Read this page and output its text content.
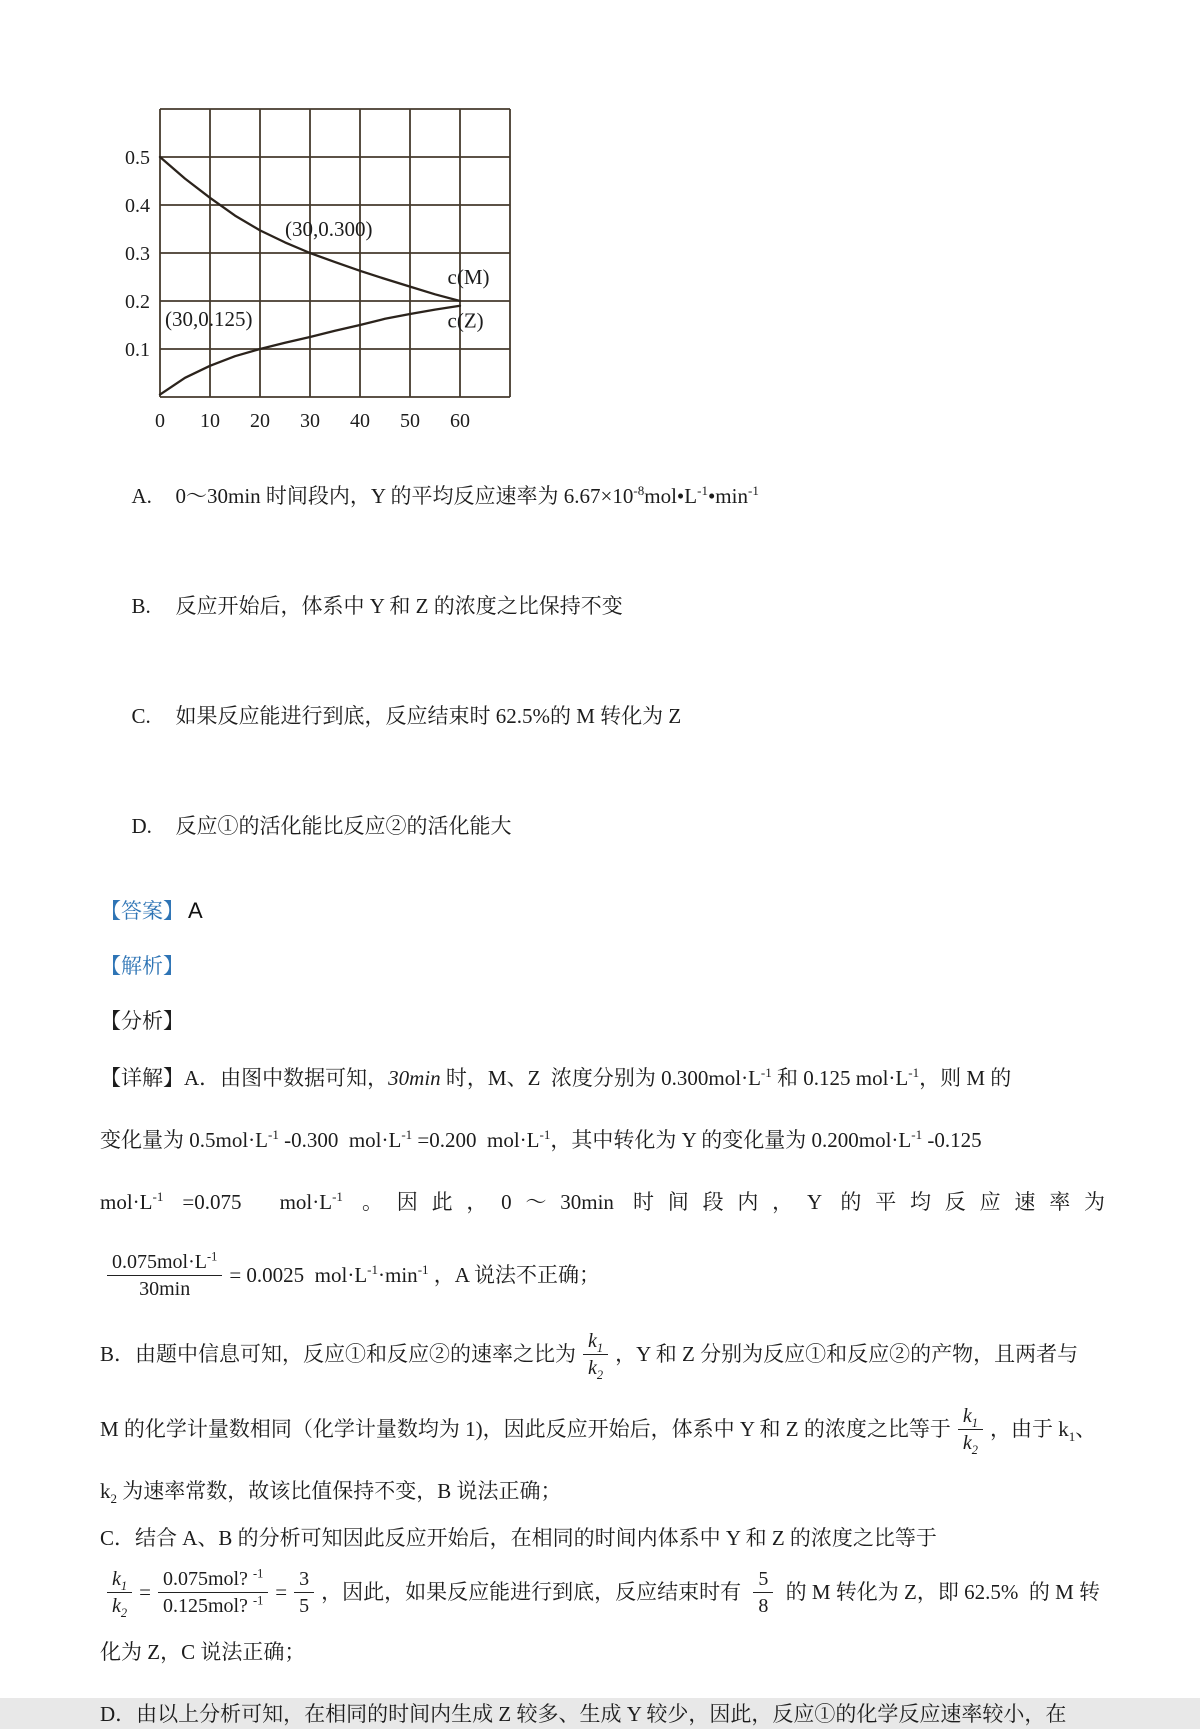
0.1
0.2
0.3
0.4
0.5
0 10 20 30 40 50 60
(30,0.300)
(30,0.125)
c(M)
c(Z)

A. 0～30min 时间段内，Y 的平均反应速率为 $6.67\times 10^{-8}mol•L^{-1}•\min^{-1}$

B. 反应开始后，体系中 Y 和 Z 的浓度之比保持不变

C. 如果反应能进行到底，反应结束时 62.5%的 M 转化为 Z

D. 反应①的活化能比反应②的活化能大

【答案】 A
【解析】
【分析】
【详解】A．由图中数据可知，30min 时，M、Z  浓度分别为 $0.300mol\cdot L^{-1}$ 和 0.125 $mol\cdot L^{-1}$，则 M 的
变化量为 $0.5mol\cdot L^{-1}$ -0.300  $mol\cdot L^{-1} =0.200$  $mol\cdot L^{-1}$，其中转化为 Y 的变化量为 $0.200mol\cdot L^{-1}$ -0.125
$mol\cdot L^{-1} =0.075$  $mol\cdot L^{-1}$ 。因此，0～30min 时间段内，Y 的平均反应速率为
$\frac{0.075mol\cdot L^{-1}}{30\min} = 0.0025$  $mol\cdot L^{-1}\cdot\min^{-1}$ ，A 说法不正确；
B．由题中信息可知，反应①和反应②的速率之比为 $\frac{k_1}{k_2}$ ，Y 和 Z 分别为反应①和反应②的产物，且两者与
M 的化学计量数相同（化学计量数均为 1)，因此反应开始后，体系中 Y 和 Z 的浓度之比等于 $\frac{k_1}{k_2}$ ，由于 $k_1$、
$k_2$ 为速率常数，故该比值保持不变，B 说法正确；
C．结合 A、B 的分析可知因此反应开始后，在相同的时间内体系中 Y 和 Z 的浓度之比等于
$\frac{k_1}{k_2} = \frac{0.075mol? ^{-1}}{0.125mol? ^{-1}} = \frac{3}{5}$ ，因此，如果反应能进行到底，反应结束时有 $\frac{5}{8}$ 的 M 转化为 Z，即 62.5%  的 M 转
化为 Z，C 说法正确；
D．由以上分析可知，在相同的时间内生成 Z 较多、生成 Y 较少，因此，反应①的化学反应速率较小，在
